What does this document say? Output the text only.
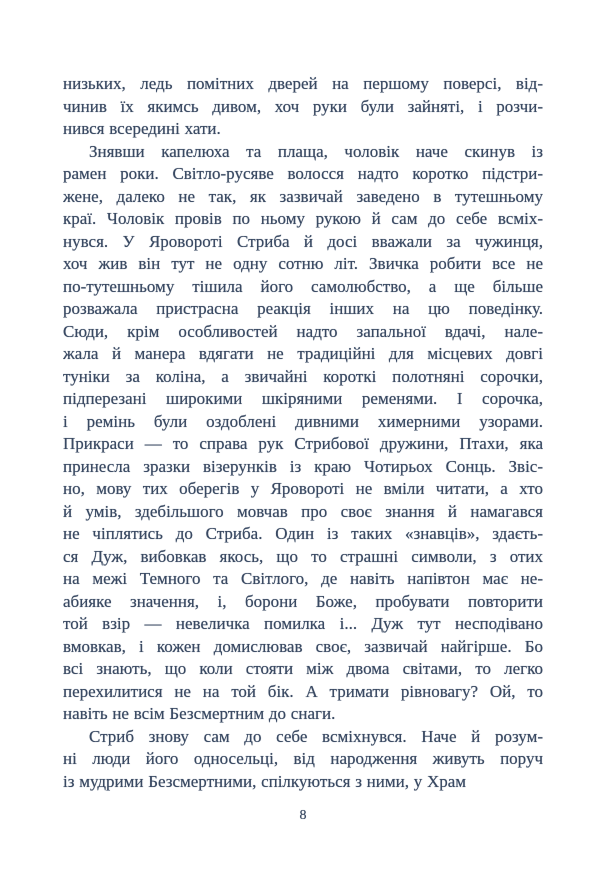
низьких, ледь помітних дверей на першому поверсі, від-
чинив їх якимсь дивом, хоч руки були зайняті, і розчи-
нився всередині хати.
Знявши капелюха та плаща, чоловік наче скинув із
рамен роки. Світло-русяве волосся надто коротко підстри-
жене, далеко не так, як зазвичай заведено в тутешньому
краї. Чоловік провів по ньому рукою й сам до себе всміх-
нувся. У Яровороті Стриба й досі вважали за чужинця,
хоч жив він тут не одну сотню літ. Звичка робити все не
по-тутешньому тішила його самолюбство, а ще більше
розважала пристрасна реакція інших на цю поведінку.
Сюди, крім особливостей надто запальної вдачі, нале-
жала й манера вдягати не традиційні для місцевих довгі
туніки за коліна, а звичайні короткі полотняні сорочки,
підперезані широкими шкіряними ременями. І сорочка,
і ремінь були оздоблені дивними химерними узорами.
Прикраси — то справа рук Стрибової дружини, Птахи, яка
принесла зразки візерунків із краю Чотирьох Сонць. Звіс-
но, мову тих оберегів у Яровороті не вміли читати, а хто
й умів, здебільшого мовчав про своє знання й намагався
не чіплятись до Стриба. Один із таких «знавців», здаєть-
ся Дуж, вибовкав якось, що то страшні символи, з отих
на межі Темного та Світлого, де навіть напівтон має не-
абияке значення, і, борони Боже, пробувати повторити
той взір — невеличка помилка і... Дуж тут несподівано
вмовкав, і кожен домислював своє, зазвичай найгірше. Бо
всі знають, що коли стояти між двома світами, то легко
перехилитися не на той бік. А тримати рівновагу? Ой, то
навіть не всім Безсмертним до снаги.
Стриб знову сам до себе всміхнувся. Наче й розум-
ні люди його односельці, від народження живуть поруч
із мудрими Безсмертними, спілкуються з ними, у Храм
8
